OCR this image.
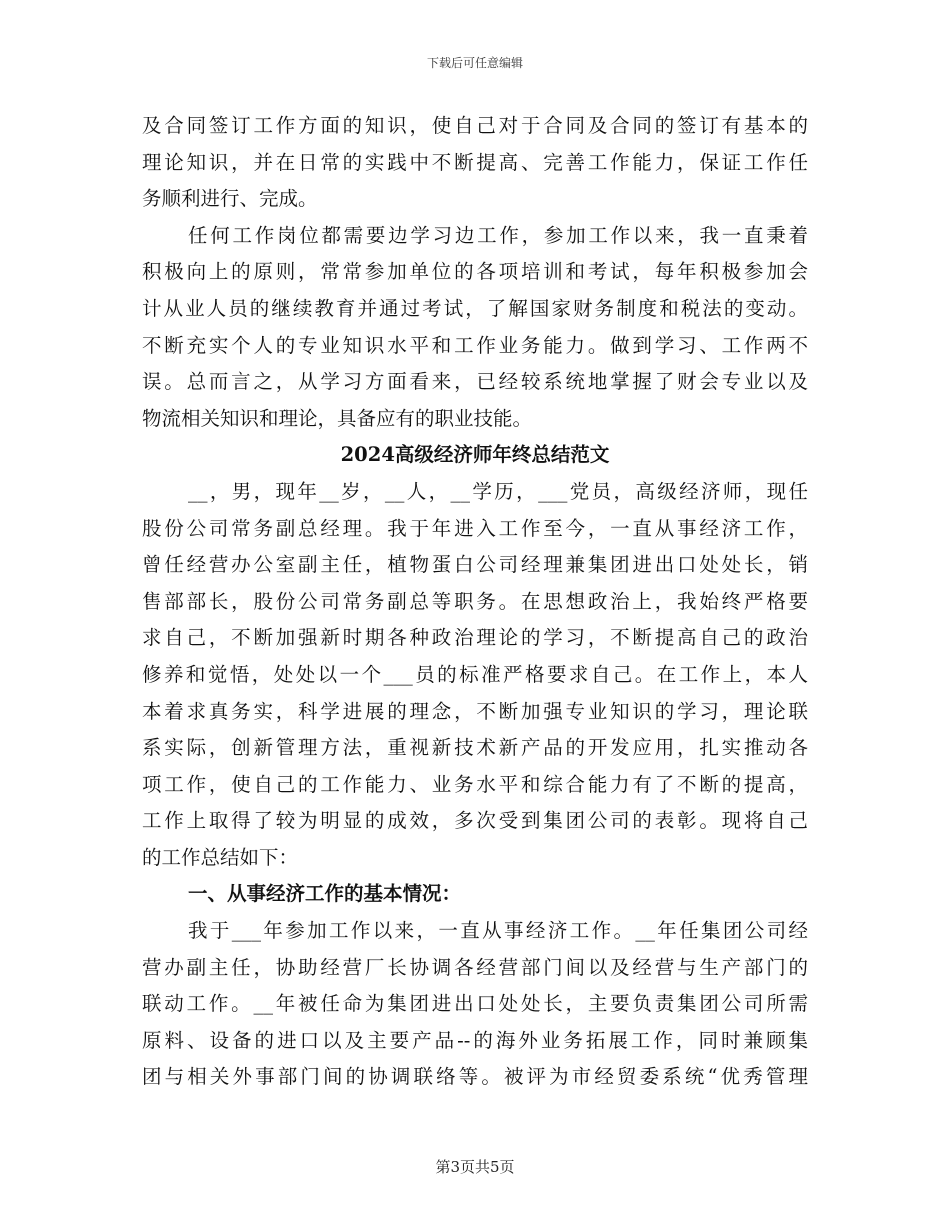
下载后可任意编辑
及合同签订工作方面的知识，使自己对于合同及合同的签订有基本的
理论知识，并在日常的实践中不断提高、完善工作能力，保证工作任
务顺利进行、完成。
任何工作岗位都需要边学习边工作，参加工作以来，我一直秉着
积极向上的原则，常常参加单位的各项培训和考试，每年积极参加会
计从业人员的继续教育并通过考试，了解国家财务制度和税法的变动。
不断充实个人的专业知识水平和工作业务能力。做到学习、工作两不
误。总而言之，从学习方面看来，已经较系统地掌握了财会专业以及
物流相关知识和理论，具备应有的职业技能。
2024高级经济师年终总结范文
__，男，现年__岁，__人，__学历，___党员，高级经济师，现任
股份公司常务副总经理。我于年进入工作至今，一直从事经济工作，
曾任经营办公室副主任，植物蛋白公司经理兼集团进出口处处长，销
售部部长，股份公司常务副总等职务。在思想政治上，我始终严格要
求自己，不断加强新时期各种政治理论的学习，不断提高自己的政治
修养和觉悟，处处以一个___员的标准严格要求自己。在工作上，本人
本着求真务实，科学进展的理念，不断加强专业知识的学习，理论联
系实际，创新管理方法，重视新技术新产品的开发应用，扎实推动各
项工作，使自己的工作能力、业务水平和综合能力有了不断的提高，
工作上取得了较为明显的成效，多次受到集团公司的表彰。现将自己
的工作总结如下：
一、从事经济工作的基本情况：
我于___年参加工作以来，一直从事经济工作。__年任集团公司经
营办副主任，协助经营厂长协调各经营部门间以及经营与生产部门的
联动工作。__年被任命为集团进出口处处长，主要负责集团公司所需
原料、设备的进口以及主要产品--的海外业务拓展工作，同时兼顾集
团与相关外事部门间的协调联络等。被评为市经贸委系统“优秀管理
第3页共5页
